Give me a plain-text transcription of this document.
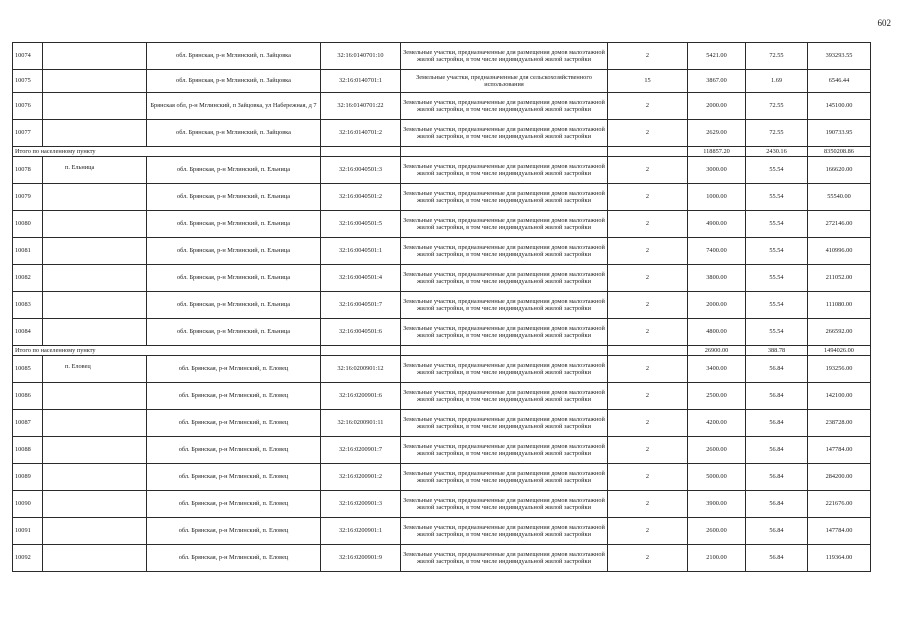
602
10074		обл. Брянская, р-н Мглинский, п. Зайцовка	32:16:0140701:10	Земельные участки, предназначенные для размещения домов малоэтажной жилой застройки, в том числе индивидуальной жилой застройки	2	5421.00	72.55	393293.55
10075		обл. Брянская, р-н Мглинский, п. Зайцовка	32:16:0140701:1	Земельные участки, предназначенные для сельскохозяйственного использования	15	3867.00	1.69	6546.44
10076		Брянская обл, р-н Мглинский, п Зайцовка, ул Набережная, д 7	32:16:0140701:22	Земельные участки, предназначенные для размещения домов малоэтажной жилой застройки, в том числе индивидуальной жилой застройки	2	2000.00	72.55	145100.00
10077		обл. Брянская, р-н Мглинский, п. Зайцовка	32:16:0140701:2	Земельные участки, предназначенные для размещения домов малоэтажной жилой застройки, в том числе индивидуальной жилой застройки	2	2629.00	72.55	190733.95
Итого по населенному пункту						118857.20	2430.16	8350208.86
10078	п. Ельница	обл. Брянская, р-н Мглинский, п. Ельница	32:16:0040501:3	Земельные участки, предназначенные для размещения домов малоэтажной жилой застройки, в том числе индивидуальной жилой застройки	2	3000.00	55.54	166620.00
10079		обл. Брянская, р-н Мглинский, п. Ельница	32:16:0040501:2	Земельные участки, предназначенные для размещения домов малоэтажной жилой застройки, в том числе индивидуальной жилой застройки	2	1000.00	55.54	55540.00
10080		обл. Брянская, р-н Мглинский, п. Ельница	32:16:0040501:5	Земельные участки, предназначенные для размещения домов малоэтажной жилой застройки, в том числе индивидуальной жилой застройки	2	4900.00	55.54	272146.00
10081		обл. Брянская, р-н Мглинский, п. Ельница	32:16:0040501:1	Земельные участки, предназначенные для размещения домов малоэтажной жилой застройки, в том числе индивидуальной жилой застройки	2	7400.00	55.54	410996.00
10082		обл. Брянская, р-н Мглинский, п. Ельница	32:16:0040501:4	Земельные участки, предназначенные для размещения домов малоэтажной жилой застройки, в том числе индивидуальной жилой застройки	2	3800.00	55.54	211052.00
10083		обл. Брянская, р-н Мглинский, п. Ельница	32:16:0040501:7	Земельные участки, предназначенные для размещения домов малоэтажной жилой застройки, в том числе индивидуальной жилой застройки	2	2000.00	55.54	111080.00
10084		обл. Брянская, р-н Мглинский, п. Ельница	32:16:0040501:6	Земельные участки, предназначенные для размещения домов малоэтажной жилой застройки, в том числе индивидуальной жилой застройки	2	4800.00	55.54	266592.00
Итого по населенному пункту						26900.00	388.78	1494026.00
10085	п. Еловец	обл. Брянская, р-н Мглинский, п. Еловец	32:16:0200901:12	Земельные участки, предназначенные для размещения домов малоэтажной жилой застройки, в том числе индивидуальной жилой застройки	2	3400.00	56.84	193256.00
10086		обл. Брянская, р-н Мглинский, п. Еловец	32:16:0200901:6	Земельные участки, предназначенные для размещения домов малоэтажной жилой застройки, в том числе индивидуальной жилой застройки	2	2500.00	56.84	142100.00
10087		обл. Брянская, р-н Мглинский, п. Еловец	32:16:0200901:11	Земельные участки, предназначенные для размещения домов малоэтажной жилой застройки, в том числе индивидуальной жилой застройки	2	4200.00	56.84	238728.00
10088		обл. Брянская, р-н Мглинский, п. Еловец	32:16:0200901:7	Земельные участки, предназначенные для размещения домов малоэтажной жилой застройки, в том числе индивидуальной жилой застройки	2	2600.00	56.84	147784.00
10089		обл. Брянская, р-н Мглинский, п. Еловец	32:16:0200901:2	Земельные участки, предназначенные для размещения домов малоэтажной жилой застройки, в том числе индивидуальной жилой застройки	2	5000.00	56.84	284200.00
10090		обл. Брянская, р-н Мглинский, п. Еловец	32:16:0200901:3	Земельные участки, предназначенные для размещения домов малоэтажной жилой застройки, в том числе индивидуальной жилой застройки	2	3900.00	56.84	221676.00
10091		обл. Брянская, р-н Мглинский, п. Еловец	32:16:0200901:1	Земельные участки, предназначенные для размещения домов малоэтажной жилой застройки, в том числе индивидуальной жилой застройки	2	2600.00	56.84	147784.00
10092		обл. Брянская, р-н Мглинский, п. Еловец	32:16:0200901:9	Земельные участки, предназначенные для размещения домов малоэтажной жилой застройки, в том числе индивидуальной жилой застройки	2	2100.00	56.84	119364.00
